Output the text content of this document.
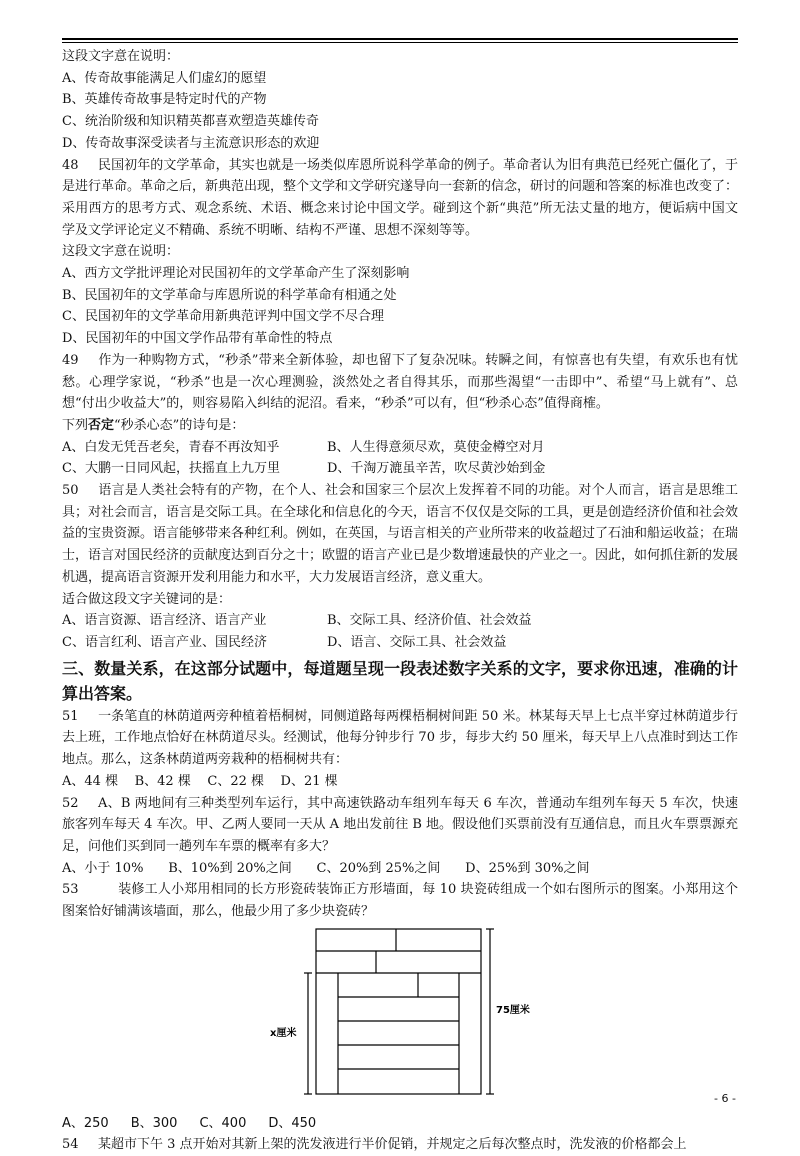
这段文字意在说明：
A、传奇故事能满足人们虚幻的愿望
B、英雄传奇故事是特定时代的产物
C、统治阶级和知识精英都喜欢塑造英雄传奇
D、传奇故事深受读者与主流意识形态的欢迎
48 民国初年的文学革命，其实也就是一场类似库恩所说科学革命的例子。革命者认为旧有典范已经死亡僵化了，于是进行革命。革命之后，新典范出现，整个文学和文学研究遂导向一套新的信念，研讨的问题和答案的标准也改变了：采用西方的思考方式、观念系统、术语、概念来讨论中国文学。碰到这个新“典范”所无法丈量的地方，便诟病中国文学及文学评论定义不精确、系统不明晰、结构不严谨、思想不深刻等等。
这段文字意在说明：
A、西方文学批评理论对民国初年的文学革命产生了深刻影响
B、民国初年的文学革命与库恩所说的科学革命有相通之处
C、民国初年的文学革命用新典范评判中国文学不尽合理
D、民国初年的中国文学作品带有革命性的特点
49 作为一种购物方式，“秒杀”带来全新体验，却也留下了复杂况味。转瞬之间，有惊喜也有失望，有欢乐也有忧愁。心理学家说，“秒杀”也是一次心理测验，淡然处之者自得其乐，而那些渴望“一击即中”、希望“马上就有”、总想“付出少收益大”的，则容易陷入纠结的泥沼。看来，“秒杀”可以有，但“秒杀心态”值得商榷。
下列否定“秒杀心态”的诗句是：
A、白发无凭吾老矣，青春不再汝知乎	B、人生得意须尽欢，莫使金樽空对月
C、大鹏一日同风起，扶摇直上九万里	D、千淘万漉虽辛苦，吹尽黄沙始到金
50 语言是人类社会特有的产物，在个人、社会和国家三个层次上发挥着不同的功能。对个人而言，语言是思维工具；对社会而言，语言是交际工具。在全球化和信息化的今天，语言不仅仅是交际的工具，更是创造经济价值和社会效益的宝贵资源。语言能够带来各种红利。例如，在英国，与语言相关的产业所带来的收益超过了石油和船运收益；在瑞士，语言对国民经济的贡献度达到百分之十；欧盟的语言产业已是少数增速最快的产业之一。因此，如何抓住新的发展机遇，提高语言资源开发利用能力和水平，大力发展语言经济，意义重大。
适合做这段文字关键词的是：
A、语言资源、语言经济、语言产业	B、交际工具、经济价值、社会效益
C、语言红利、语言产业、国民经济	D、语言、交际工具、社会效益
三、数量关系，在这部分试题中，每道题呈现一段表述数字关系的文字，要求你迅速，准确的计算出答案。
51 一条笔直的林荫道两旁种植着梧桐树，同侧道路每两棵梧桐树间距 50 米。林某每天早上七点半穿过林荫道步行去上班，工作地点恰好在林荫道尽头。经测试，他每分钟步行 70 步，每步大约 50 厘米，每天早上八点准时到达工作地点。那么，这条林荫道两旁栽种的梧桐树共有：
A、44 棵 B、42 棵 C、22 棵 D、21 棵
52 A、B 两地间有三种类型列车运行，其中高速铁路动车组列车每天 6 车次，普通动车组列车每天 5 车次，快速旅客列车每天 4 车次。甲、乙两人要同一天从 A 地出发前往 B 地。假设他们买票前没有互通信息，而且火车票票源充足，问他们买到同一趟列车车票的概率有多大？
A、小于 10% B、10%到 20%之间 C、20%到 25%之间 D、25%到 30%之间
53	装修工人小郑用相同的长方形瓷砖装饰正方形墙面，每 10 块瓷砖组成一个如右图所示的图案。小郑用这个图案恰好铺满该墙面，那么，他最少用了多少块瓷砖？
75厘米
x厘米
A、250 B、300 C、400 D、450
54 某超市下午 3 点开始对其新上架的洗发液进行半价促销，并规定之后每次整点时，洗发液的价格都会上
- 6 -
